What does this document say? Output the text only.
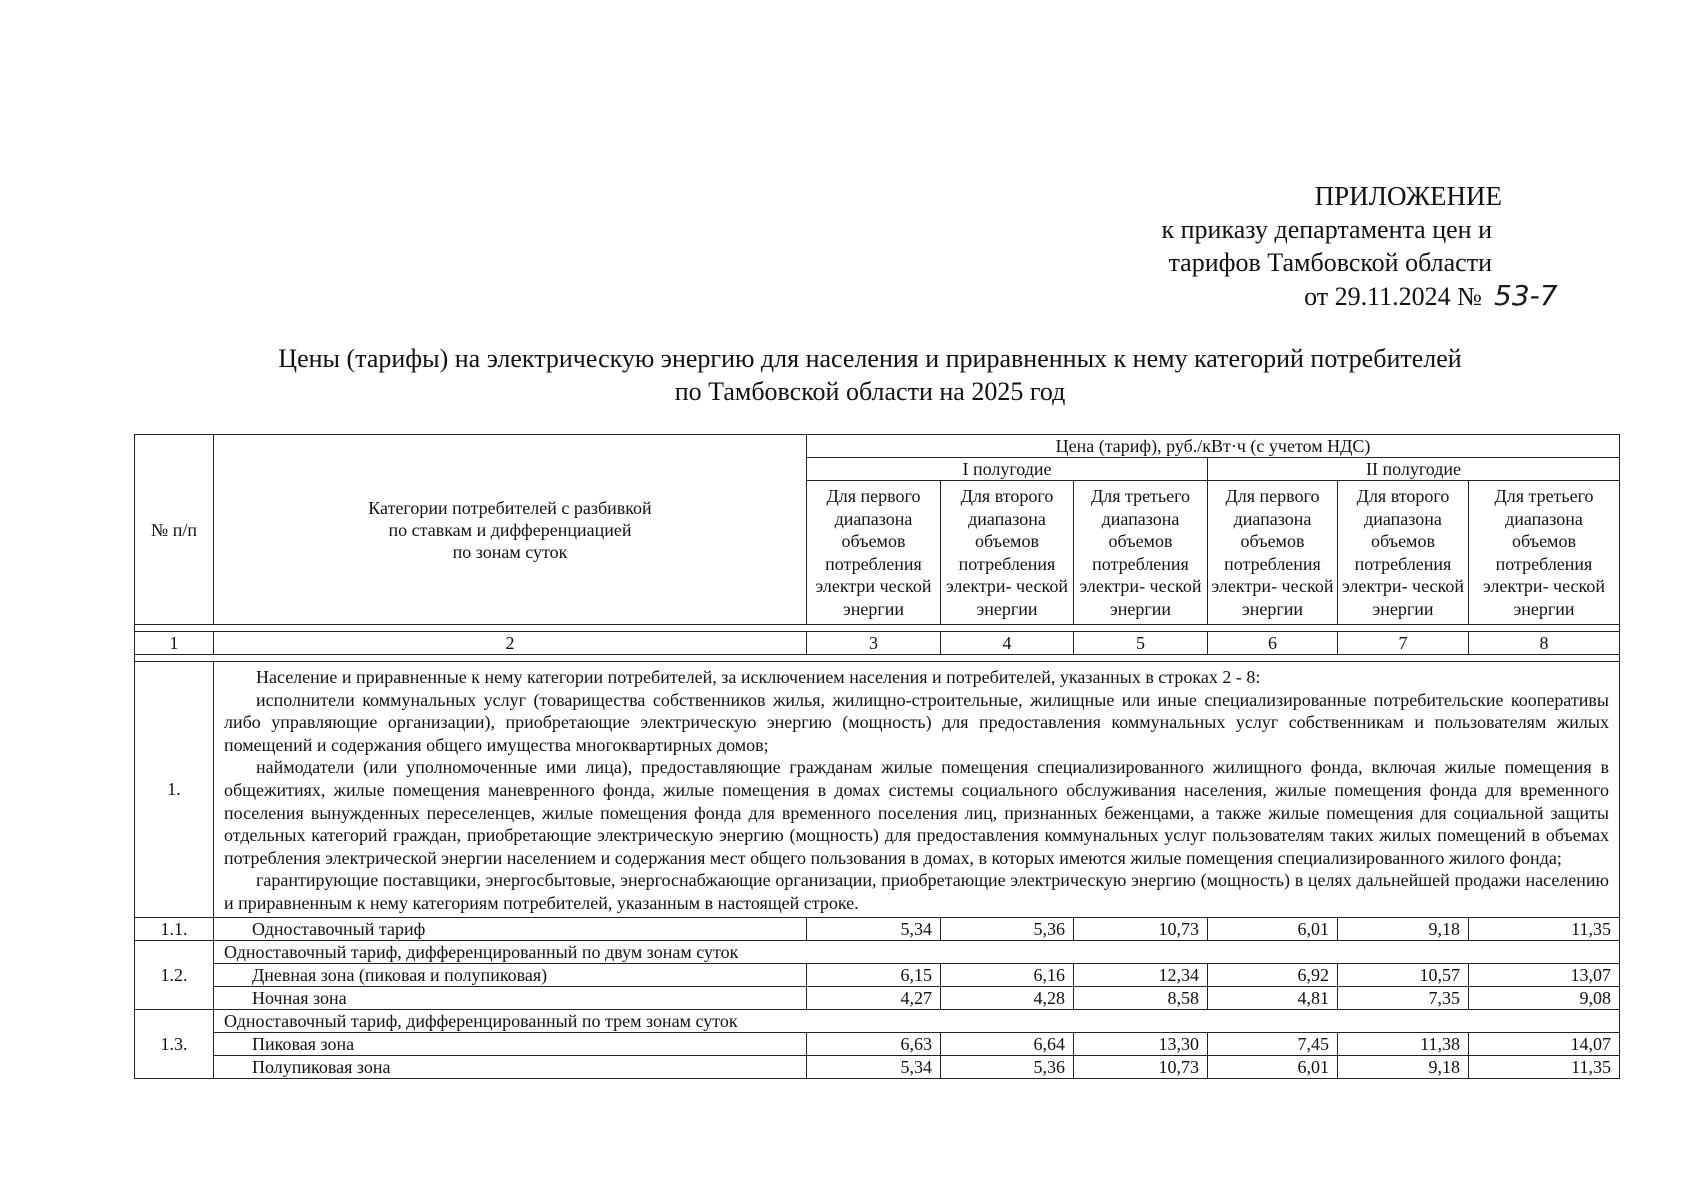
ПРИЛОЖЕНИЕ
к приказу департамента цен и
тарифов Тамбовской области
от 29.11.2024 № 53-7
Цены (тарифы) на электрическую энергию для населения и приравненных к нему категорий потребителей
по Тамбовской области на 2025 год
№ п/п	Категории потребителей с разбивкой
по ставкам и дифференциацией
по зонам суток	Цена (тариф), руб./кВт·ч (с учетом НДС)					
		I полугодие			II полугодие		
		Для первого диапазона объемов потребления электри ческой энергии	Для второго диапазона объемов потребления электри- ческой энергии	Для третьего диапазона объемов потребления электри- ческой энергии	Для первого диапазона объемов потребления электри- ческой энергии	Для второго диапазона объемов потребления электри- ческой энергии	Для третьего диапазона объемов потребления электри- ческой энергии

1	2	3	4	5	6	7	8

1.	Население и приравненные к нему категории потребителей, за исключением населения и потребителей, указанных в строках 2 - 8:

исполнители коммунальных услуг (товарищества собственников жилья, жилищно-строительные, жилищные или иные специализированные потребительские кооперативы либо управляющие организации), приобретающие электрическую энергию (мощность) для предоставления коммунальных услуг собственникам и пользователям жилых помещений и содержания общего имущества многоквартирных домов;

наймодатели (или уполномоченные ими лица), предоставляющие гражданам жилые помещения специализированного жилищного фонда, включая жилые помещения в общежитиях, жилые помещения маневренного фонда, жилые помещения в домах системы социального обслуживания населения, жилые помещения фонда для временного поселения вынужденных переселенцев, жилые помещения фонда для временного поселения лиц, признанных беженцами, а также жилые помещения для социальной защиты отдельных категорий граждан, приобретающие электрическую энергию (мощность) для предоставления коммунальных услуг пользователям таких жилых помещений в объемах потребления электрической энергии населением и содержания мест общего пользования в домах, в которых имеются жилые помещения специализированного жилого фонда;

гарантирующие поставщики, энергосбытовые, энергоснабжающие организации, приобретающие электрическую энергию (мощность) в целях дальнейшей продажи населению и приравненным к нему категориям потребителей, указанным в настоящей строке.						

1.1.	Одноставочный тариф	5,34	5,36	10,73	6,01	9,18	11,35
1.2.	Одноставочный тариф, дифференцированный по двум зонам суток						
	Дневная зона (пиковая и полупиковая)	6,15	6,16	12,34	6,92	10,57	13,07
	Ночная зона	4,27	4,28	8,58	4,81	7,35	9,08
1.3.	Одноставочный тариф, дифференцированный по трем зонам суток						
	Пиковая зона	6,63	6,64	13,30	7,45	11,38	14,07
	Полупиковая зона	5,34	5,36	10,73	6,01	9,18	11,35
